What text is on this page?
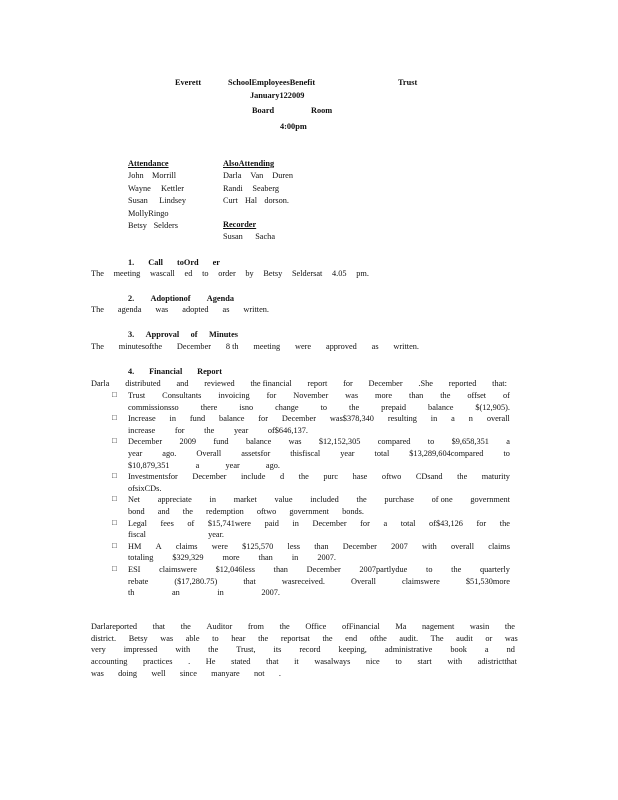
Everett	SchoolEmployeesBenefit	Trust
January122009
Board	Room
4:00pm
Attendance
John Morrill
Wayne Kettler
Susan Lindsey
MollyRingo
Betsy Selders
AlsoAttending
Darla Van Duren
Randi Seaberg
Curt Hal dorson.
Recorder
Susan Sacha
1. Call toOrd er
The meeting wascall ed to order by Betsy Seldersat 4.05 pm.
2. Adoptionof Agenda
The agenda was adopted as written.
3. Approval of Minutes
The minutesofthe December 8 th meeting were approved as written.
4. Financial Report
Darla distributed and reviewed the financial report for December .She reported that:
□ Trust Consultants invoicing for November was more than the offset of
commissionsso	there	isno	change	to	the	prepaid	balance	$(12,905).
□ Increase in fund balance for December was$378,340 resulting in a n overall
increase for the year of$646,137.
□ December 2009 fund balance was $12,152,305 compared to $9,658,351 a
year ago. Overall assetsfor thisfiscal year total $13,289,604compared to
$10,879,351	a	year	ago.
□ Investmentsfor December include d the purc hase oftwo CDsand the maturity
ofsixCDs.
□ Net appreciate in market value included the purchase of one government
bond and the redemption oftwo government bonds.
□ Legal fees of $15,741were paid in December for a total of$43,126 for the
fiscal	year.
□ HM A claims were $125,570 less than December 2007 with overall claims
totaling $329,329 more than in 2007.
□ ESI claimswere $12,046less than December 2007partlydue to the quarterly
rebate	($17,280.75)	that	wasreceived.	Overall	claimswere	$51,530more
th	an	in	2007.
Darlareported that the Auditor from the Office ofFinancial Ma nagement wasin the
district. Betsy was able to hear the reportsat the end ofthe audit. The audit or was
very impressed with the Trust, its record keeping, administrative book a nd
accounting practices . He stated that it wasalways nice to start with adistrictthat
was doing well since manyare not .
